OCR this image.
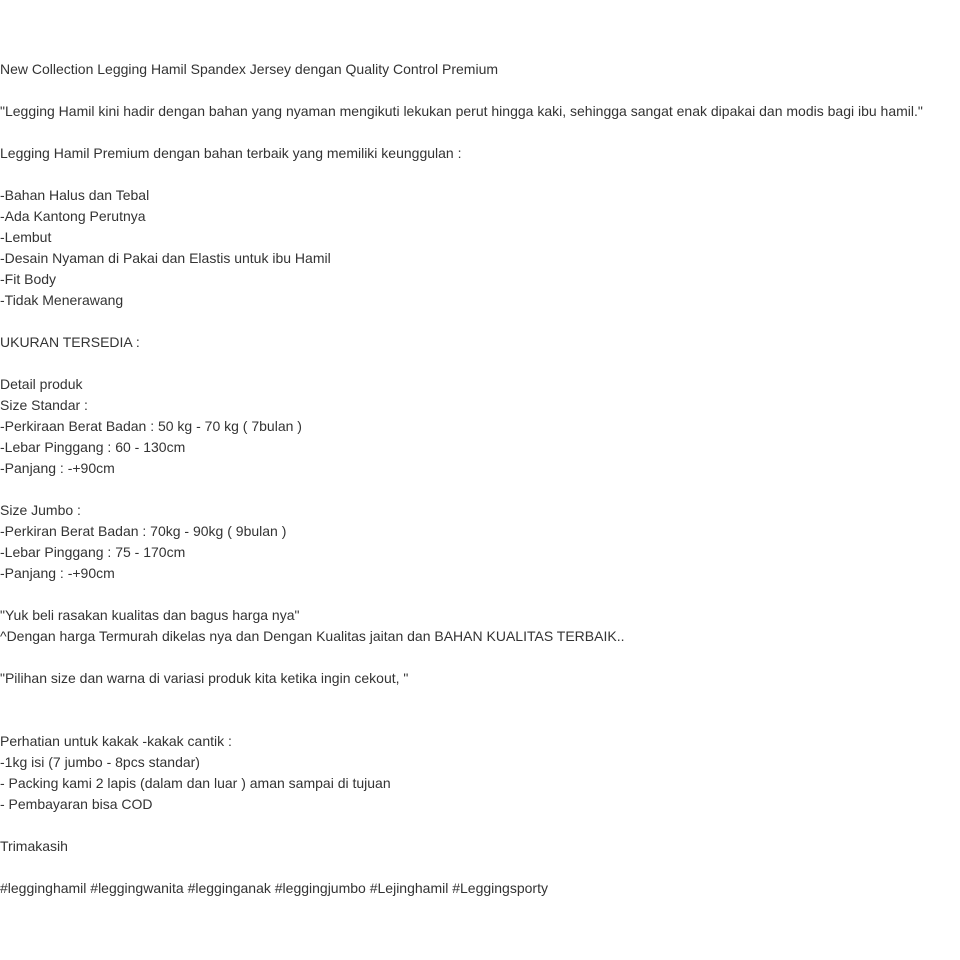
New Collection Legging Hamil Spandex Jersey dengan Quality Control Premium
"Legging Hamil kini hadir dengan bahan yang nyaman mengikuti lekukan perut hingga kaki, sehingga sangat enak dipakai dan modis bagi ibu hamil."
Legging Hamil Premium dengan bahan terbaik yang memiliki keunggulan :
-Bahan Halus dan Tebal
-Ada Kantong Perutnya
-Lembut
-Desain Nyaman di Pakai dan Elastis untuk ibu Hamil
-Fit Body
-Tidak Menerawang
UKURAN TERSEDIA :
Detail produk
Size Standar :
-Perkiraan Berat Badan : 50 kg - 70 kg ( 7bulan )
-Lebar Pinggang : 60 - 130cm
-Panjang : -+90cm
Size Jumbo :
-Perkiran Berat Badan : 70kg - 90kg ( 9bulan )
-Lebar Pinggang : 75 - 170cm
-Panjang : -+90cm
"Yuk beli rasakan kualitas dan bagus harga nya"
^Dengan harga Termurah dikelas nya dan Dengan Kualitas jaitan dan BAHAN KUALITAS TERBAIK..
"Pilihan size dan warna di variasi produk kita ketika ingin cekout, "
Perhatian untuk kakak -kakak cantik :
-1kg isi (7 jumbo - 8pcs standar)
- Packing kami 2 lapis (dalam dan luar ) aman sampai di tujuan
- Pembayaran bisa COD
Trimakasih
#legginghamil #leggingwanita #legginganak #leggingjumbo #Lejinghamil #Leggingsporty
